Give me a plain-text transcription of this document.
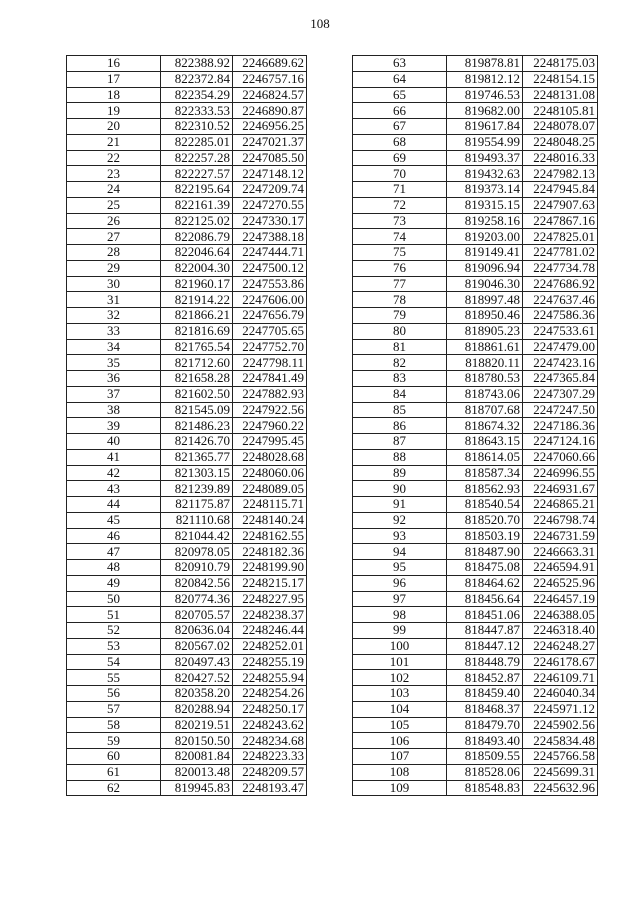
108
16	822388.92	2246689.62
17	822372.84	2246757.16
18	822354.29	2246824.57
19	822333.53	2246890.87
20	822310.52	2246956.25
21	822285.01	2247021.37
22	822257.28	2247085.50
23	822227.57	2247148.12
24	822195.64	2247209.74
25	822161.39	2247270.55
26	822125.02	2247330.17
27	822086.79	2247388.18
28	822046.64	2247444.71
29	822004.30	2247500.12
30	821960.17	2247553.86
31	821914.22	2247606.00
32	821866.21	2247656.79
33	821816.69	2247705.65
34	821765.54	2247752.70
35	821712.60	2247798.11
36	821658.28	2247841.49
37	821602.50	2247882.93
38	821545.09	2247922.56
39	821486.23	2247960.22
40	821426.70	2247995.45
41	821365.77	2248028.68
42	821303.15	2248060.06
43	821239.89	2248089.05
44	821175.87	2248115.71
45	821110.68	2248140.24
46	821044.42	2248162.55
47	820978.05	2248182.36
48	820910.79	2248199.90
49	820842.56	2248215.17
50	820774.36	2248227.95
51	820705.57	2248238.37
52	820636.04	2248246.44
53	820567.02	2248252.01
54	820497.43	2248255.19
55	820427.52	2248255.94
56	820358.20	2248254.26
57	820288.94	2248250.17
58	820219.51	2248243.62
59	820150.50	2248234.68
60	820081.84	2248223.33
61	820013.48	2248209.57
62	819945.83	2248193.47
63	819878.81	2248175.03
64	819812.12	2248154.15
65	819746.53	2248131.08
66	819682.00	2248105.81
67	819617.84	2248078.07
68	819554.99	2248048.25
69	819493.37	2248016.33
70	819432.63	2247982.13
71	819373.14	2247945.84
72	819315.15	2247907.63
73	819258.16	2247867.16
74	819203.00	2247825.01
75	819149.41	2247781.02
76	819096.94	2247734.78
77	819046.30	2247686.92
78	818997.48	2247637.46
79	818950.46	2247586.36
80	818905.23	2247533.61
81	818861.61	2247479.00
82	818820.11	2247423.16
83	818780.53	2247365.84
84	818743.06	2247307.29
85	818707.68	2247247.50
86	818674.32	2247186.36
87	818643.15	2247124.16
88	818614.05	2247060.66
89	818587.34	2246996.55
90	818562.93	2246931.67
91	818540.54	2246865.21
92	818520.70	2246798.74
93	818503.19	2246731.59
94	818487.90	2246663.31
95	818475.08	2246594.91
96	818464.62	2246525.96
97	818456.64	2246457.19
98	818451.06	2246388.05
99	818447.87	2246318.40
100	818447.12	2246248.27
101	818448.79	2246178.67
102	818452.87	2246109.71
103	818459.40	2246040.34
104	818468.37	2245971.12
105	818479.70	2245902.56
106	818493.40	2245834.48
107	818509.55	2245766.58
108	818528.06	2245699.31
109	818548.83	2245632.96
